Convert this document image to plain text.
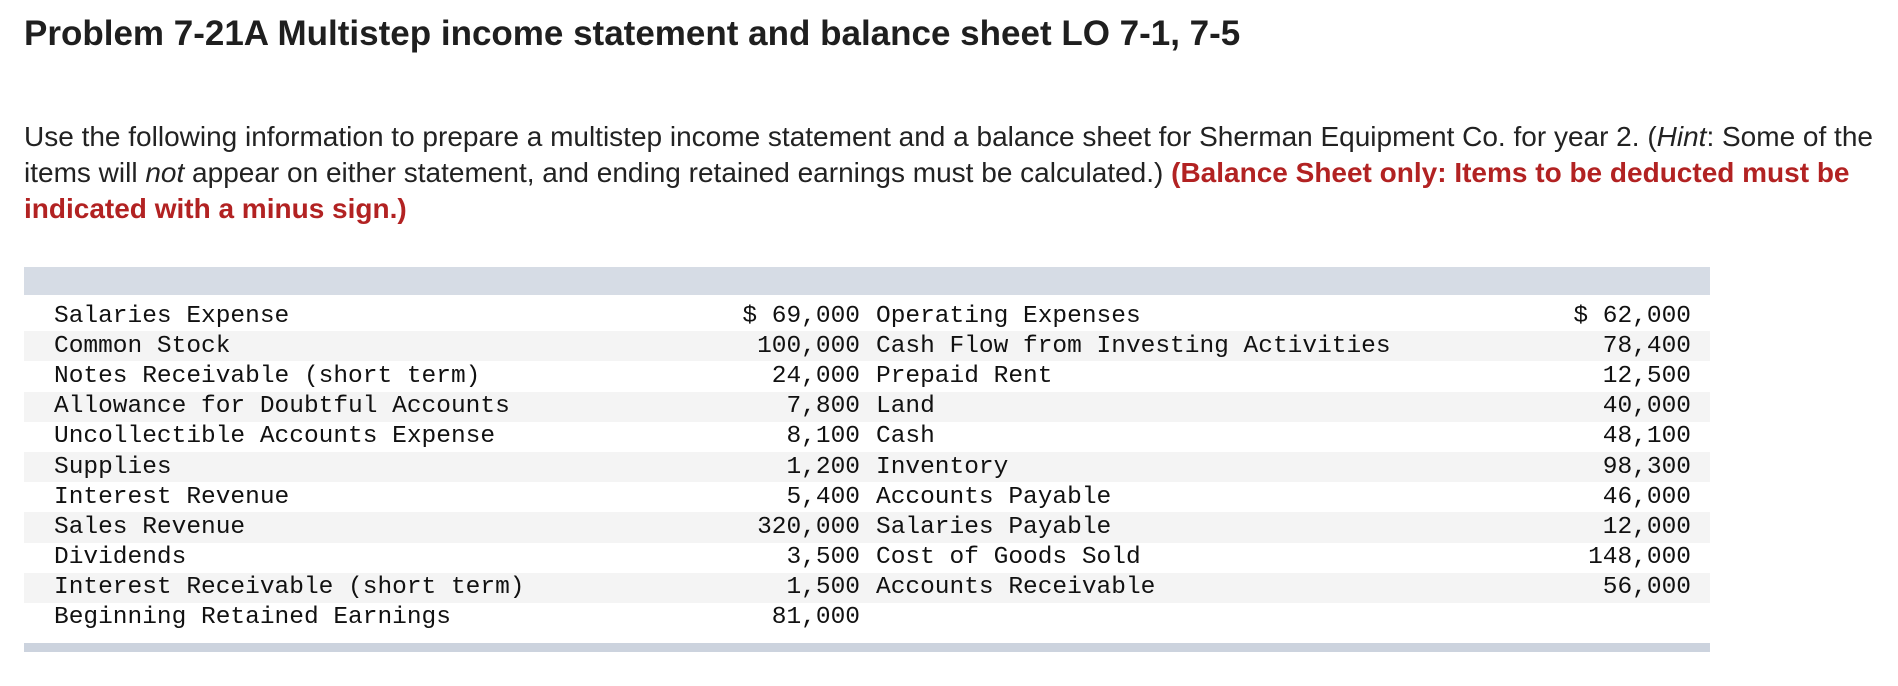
Problem 7-21A Multistep income statement and balance sheet LO 7-1, 7-5
Use the following information to prepare a multistep income statement and a balance sheet for Sherman Equipment Co. for year 2. (Hint: Some of the items will not appear on either statement, and ending retained earnings must be calculated.) (Balance Sheet only: Items to be deducted must be indicated with a minus sign.)
Salaries Expense	$ 69,000 Operating Expenses	$ 62,000
Common Stock	100,000 Cash Flow from Investing Activities	78,400
Notes Receivable (short term)	24,000 Prepaid Rent	12,500
Allowance for Doubtful Accounts	7,800 Land	40,000
Uncollectible Accounts Expense	8,100 Cash	48,100
Supplies	1,200 Inventory	98,300
Interest Revenue	5,400 Accounts Payable	46,000
Sales Revenue	320,000 Salaries Payable	12,000
Dividends	3,500 Cost of Goods Sold	148,000
Interest Receivable (short term)	1,500 Accounts Receivable	56,000
Beginning Retained Earnings	81,000
